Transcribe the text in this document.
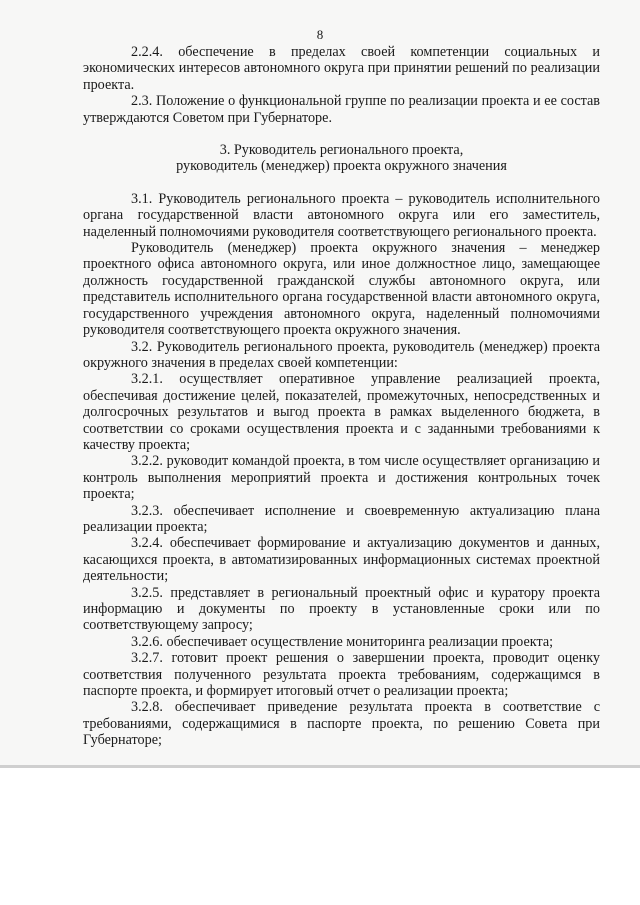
8

2.2.4. обеспечение в пределах своей компетенции социальных и экономических интересов автономного округа при принятии решений по реализации проекта.

2.3. Положение о функциональной группе по реализации проекта и ее состав утверждаются Советом при Губернаторе.

3. Руководитель регионального проекта,
руководитель (менеджер) проекта окружного значения

3.1. Руководитель регионального проекта – руководитель исполнительного органа государственной власти автономного округа или его заместитель, наделенный полномочиями руководителя соответствующего регионального проекта.

Руководитель (менеджер) проекта окружного значения – менеджер проектного офиса автономного округа, или иное должностное лицо, замещающее должность государственной гражданской службы автономного округа, или представитель исполнительного органа государственной власти автономного округа, государственного учреждения автономного округа, наделенный полномочиями руководителя соответствующего проекта окружного значения.

3.2. Руководитель регионального проекта, руководитель (менеджер) проекта окружного значения в пределах своей компетенции:

3.2.1. осуществляет оперативное управление реализацией проекта, обеспечивая достижение целей, показателей, промежуточных, непосредственных и долгосрочных результатов и выгод проекта в рамках выделенного бюджета, в соответствии со сроками осуществления проекта и с заданными требованиями к качеству проекта;

3.2.2. руководит командой проекта, в том числе осуществляет организацию и контроль выполнения мероприятий проекта и достижения контрольных точек проекта;

3.2.3. обеспечивает исполнение и своевременную актуализацию плана реализации проекта;

3.2.4. обеспечивает формирование и актуализацию документов и данных, касающихся проекта, в автоматизированных информационных системах проектной деятельности;

3.2.5. представляет в региональный проектный офис и куратору проекта информацию и документы по проекту в установленные сроки или по соответствующему запросу;

3.2.6. обеспечивает осуществление мониторинга реализации проекта;

3.2.7. готовит проект решения о завершении проекта, проводит оценку соответствия полученного результата проекта требованиям, содержащимся в паспорте проекта, и формирует итоговый отчет о реализации проекта;

3.2.8. обеспечивает приведение результата проекта в соответствие с требованиями, содержащимися в паспорте проекта, по решению Совета при Губернаторе;
